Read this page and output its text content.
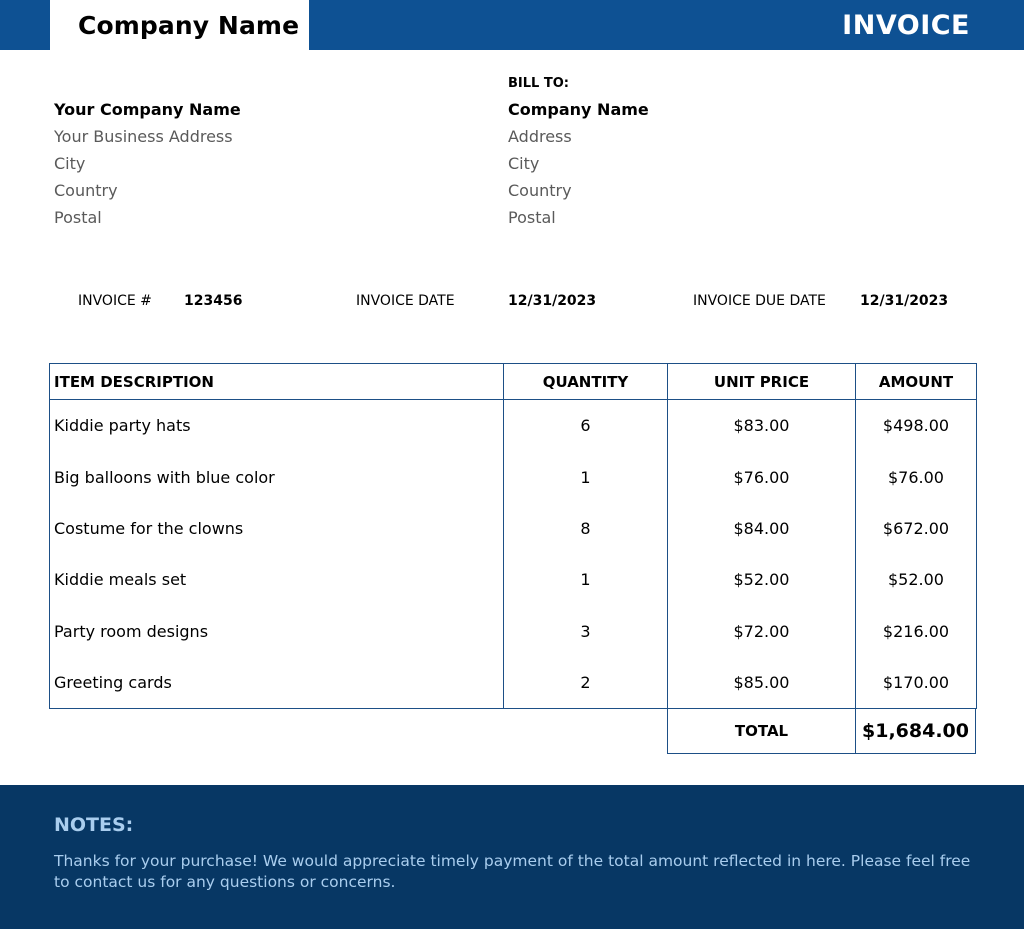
Company Name	INVOICE
Your Company Name
Your Business Address
City
Country
Postal
BILL TO:
Company Name
Address
City
Country
Postal
INVOICE # 123456	INVOICE DATE	12/31/2023	INVOICE DUE DATE 12/31/2023
ITEM DESCRIPTION	QUANTITY	UNIT PRICE	AMOUNT
Kiddie party hats	6	$83.00	$498.00
Big balloons with blue color	1	$76.00	$76.00
Costume for the clowns	8	$84.00	$672.00
Kiddie meals set	1	$52.00	$52.00
Party room designs	3	$72.00	$216.00
Greeting cards	2	$85.00	$170.00
TOTAL	$1,684.00
NOTES:
Thanks for your purchase! We would appreciate timely payment of the total amount reflected in here. Please feel free to contact us for any questions or concerns.
